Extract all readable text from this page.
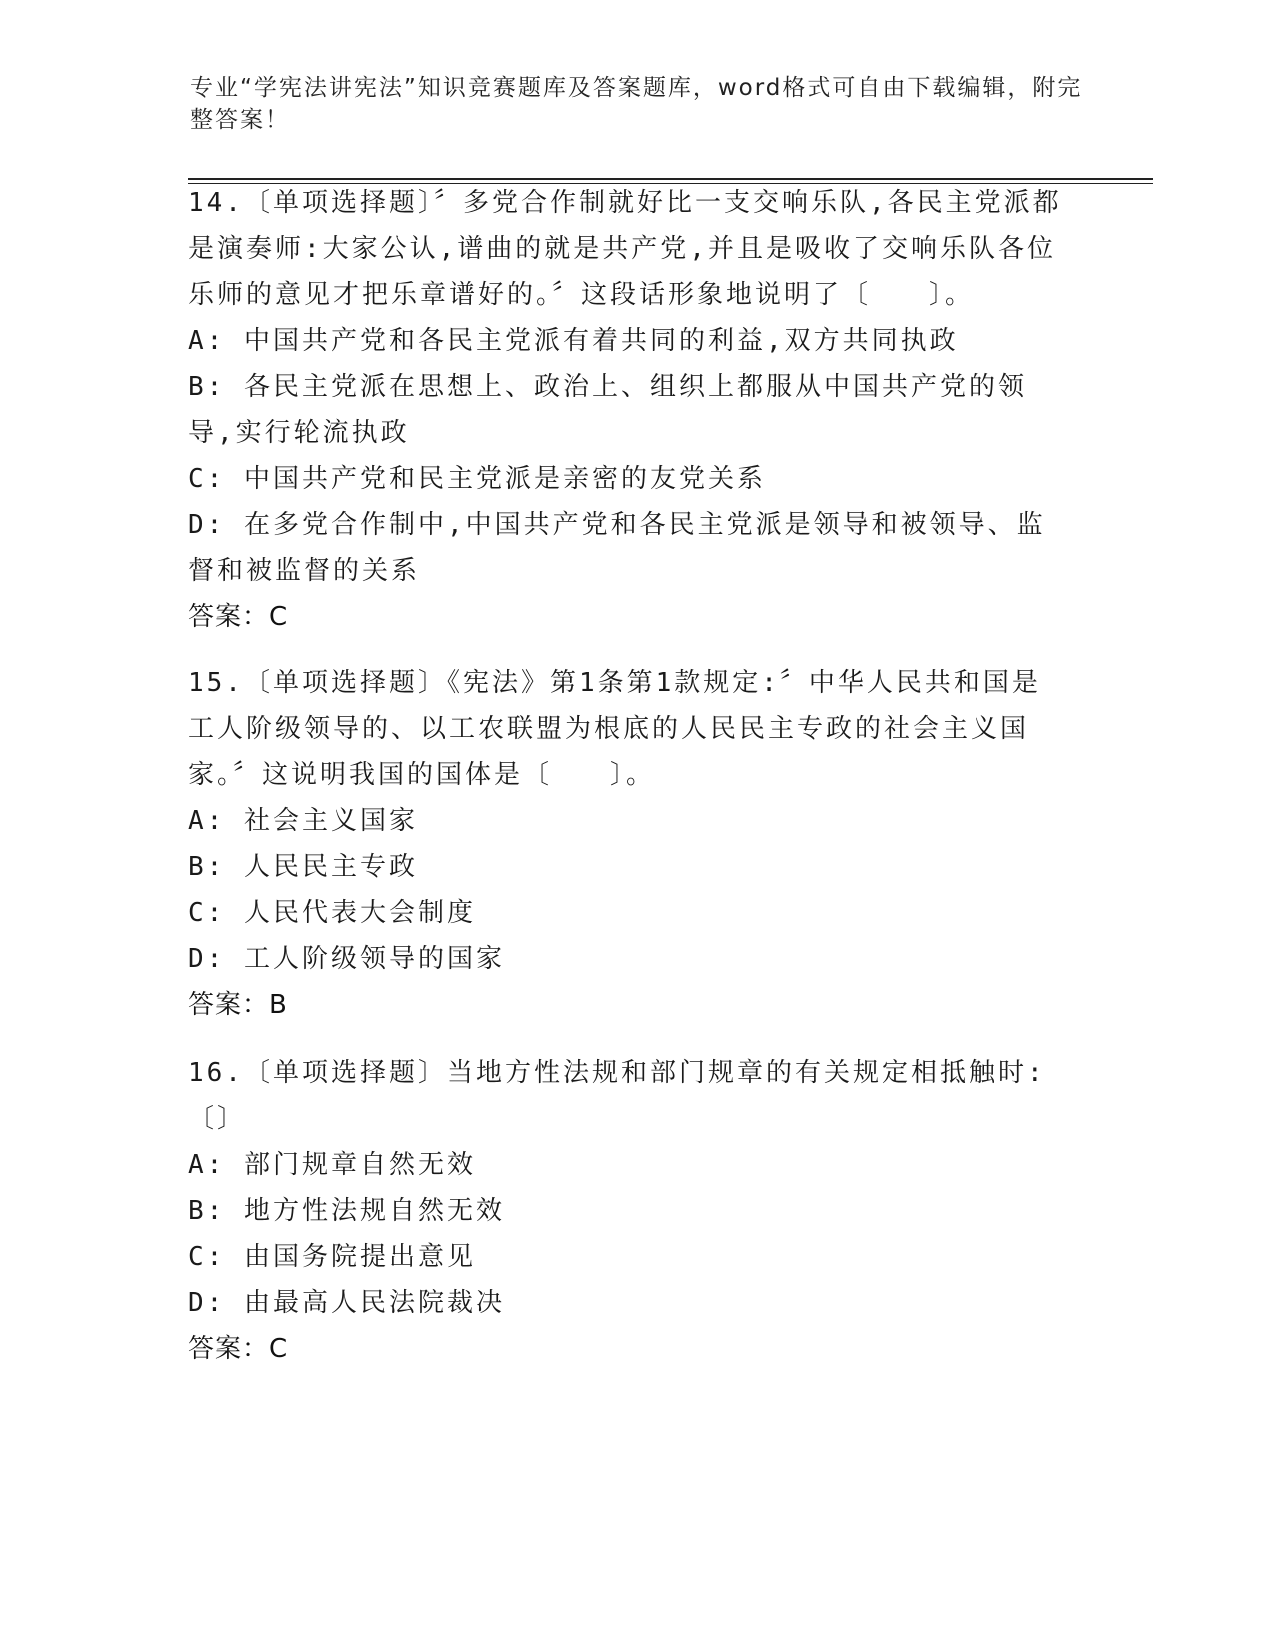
专业“学宪法讲宪法”知识竞赛题库及答案题库，word格式可自由下载编辑，附完整答案！

14.〔单项选择题〕〞多党合作制就好比一支交响乐队,各民主党派都是演奏师:大家公认,谱曲的就是共产党,并且是吸收了交响乐队各位乐师的意见才把乐章谱好的。〞这段话形象地说明了〔　　〕。

A: 中国共产党和各民主党派有着共同的利益,双方共同执政

B: 各民主党派在思想上、政治上、组织上都服从中国共产党的领导,实行轮流执政

C: 中国共产党和民主党派是亲密的友党关系

D: 在多党合作制中,中国共产党和各民主党派是领导和被领导、监督和被监督的关系

答案：C

15.〔单项选择题〕《宪法》第1条第1款规定:〞中华人民共和国是工人阶级领导的、以工农联盟为根底的人民民主专政的社会主义国家。〞这说明我国的国体是〔　　〕。

A: 社会主义国家

B: 人民民主专政

C: 人民代表大会制度

D: 工人阶级领导的国家

答案：B

16.〔单项选择题〕当地方性法规和部门规章的有关规定相抵触时:〔〕

A: 部门规章自然无效

B: 地方性法规自然无效

C: 由国务院提出意见

D: 由最高人民法院裁决

答案：C
